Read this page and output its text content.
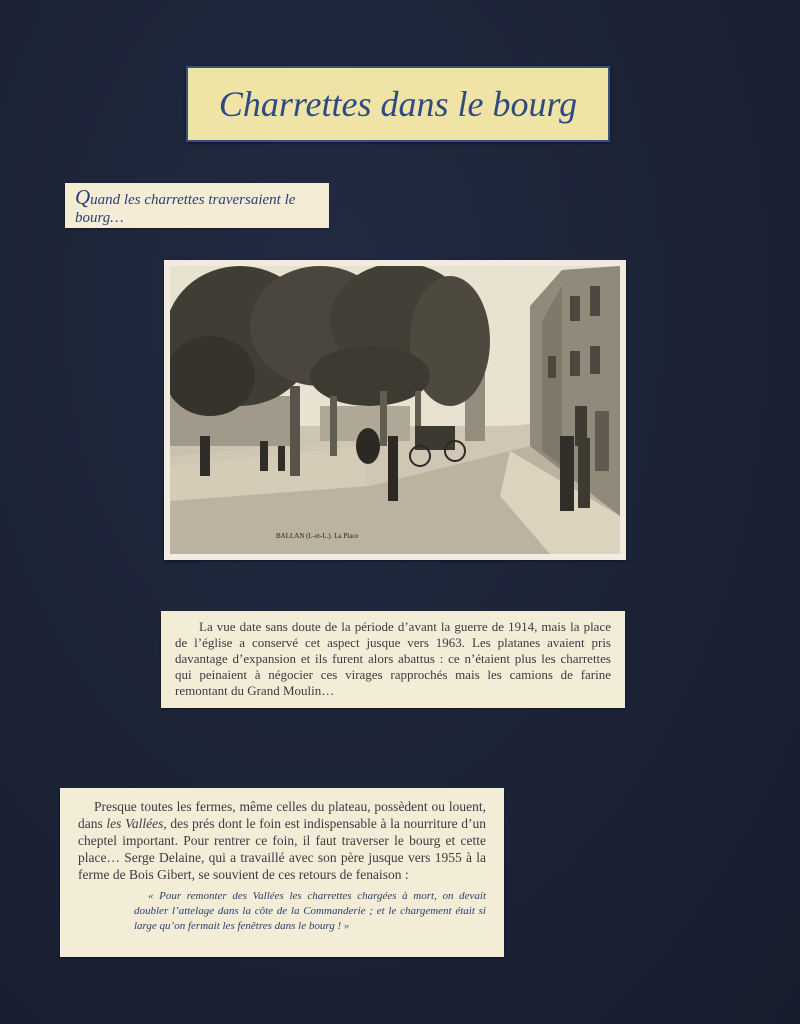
Charrettes dans le bourg
Quand les charrettes traversaient le bourg…
BALLAN (I.-et-L.). La Place

La vue date sans doute de la période d’avant la guerre de 1914, mais la place de l’église a conservé cet aspect jusque vers 1963. Les platanes avaient pris davantage d’expansion et ils furent alors abattus : ce n’étaient plus les charrettes qui peinaient à négocier ces virages rapprochés mais les camions de farine remontant du Grand Moulin…

Presque toutes les fermes, même celles du plateau, possèdent ou louent, dans les Vallées, des prés dont le foin est indispensable à la nourriture d’un cheptel important. Pour rentrer ce foin, il faut traverser le bourg et cette place… Serge Delaine, qui a travaillé avec son père jusque vers 1955 à la ferme de Bois Gibert, se souvient de ces retours de fenaison :

« Pour remonter des Vallées les charrettes chargées à mort, on devait doubler l’attelage dans la côte de la Commanderie ; et le chargement était si large qu’on fermait les fenêtres dans le bourg ! »
